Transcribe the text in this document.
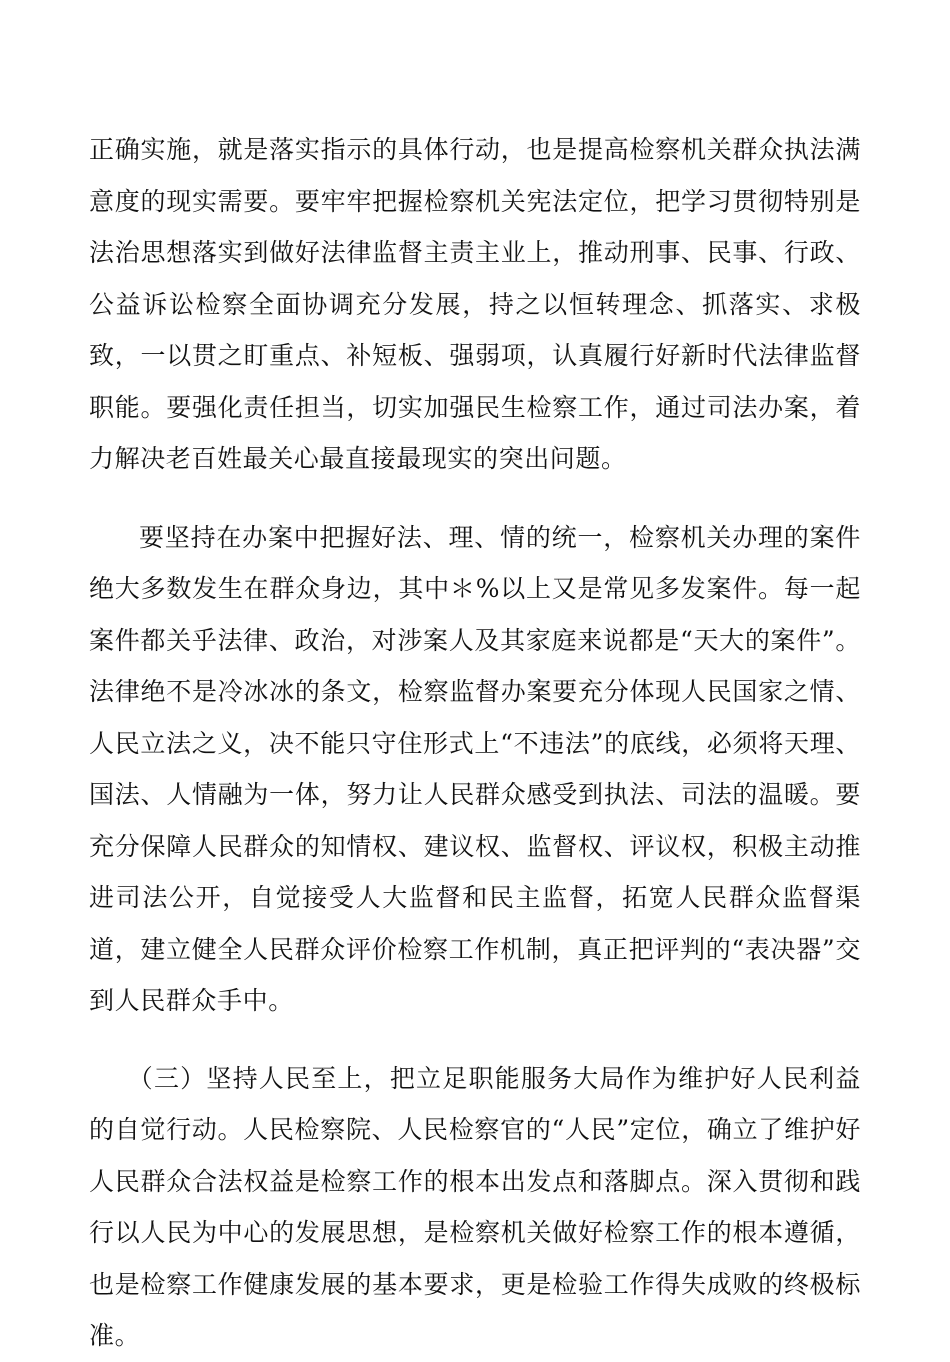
正确实施，就是落实指示的具体行动，也是提高检察机关群众执法满意度的现实需要。要牢牢把握检察机关宪法定位，把学习贯彻特别是法治思想落实到做好法律监督主责主业上，推动刑事、民事、行政、公益诉讼检察全面协调充分发展，持之以恒转理念、抓落实、求极致，一以贯之盯重点、补短板、强弱项，认真履行好新时代法律监督职能。要强化责任担当，切实加强民生检察工作，通过司法办案，着力解决老百姓最关心最直接最现实的突出问题。

要坚持在办案中把握好法、理、情的统一，检察机关办理的案件绝大多数发生在群众身边，其中＊%以上又是常见多发案件。每一起案件都关乎法律、政治，对涉案人及其家庭来说都是“天大的案件”。法律绝不是冷冰冰的条文，检察监督办案要充分体现人民国家之情、人民立法之义，决不能只守住形式上“不违法”的底线，必须将天理、国法、人情融为一体，努力让人民群众感受到执法、司法的温暖。要充分保障人民群众的知情权、建议权、监督权、评议权，积极主动推进司法公开，自觉接受人大监督和民主监督，拓宽人民群众监督渠道，建立健全人民群众评价检察工作机制，真正把评判的“表决器”交到人民群众手中。

（三）坚持人民至上，把立足职能服务大局作为维护好人民利益的自觉行动。人民检察院、人民检察官的“人民”定位，确立了维护好人民群众合法权益是检察工作的根本出发点和落脚点。深入贯彻和践行以人民为中心的发展思想，是检察机关做好检察工作的根本遵循，也是检察工作健康发展的基本要求，更是检验工作得失成败的终极标准。
